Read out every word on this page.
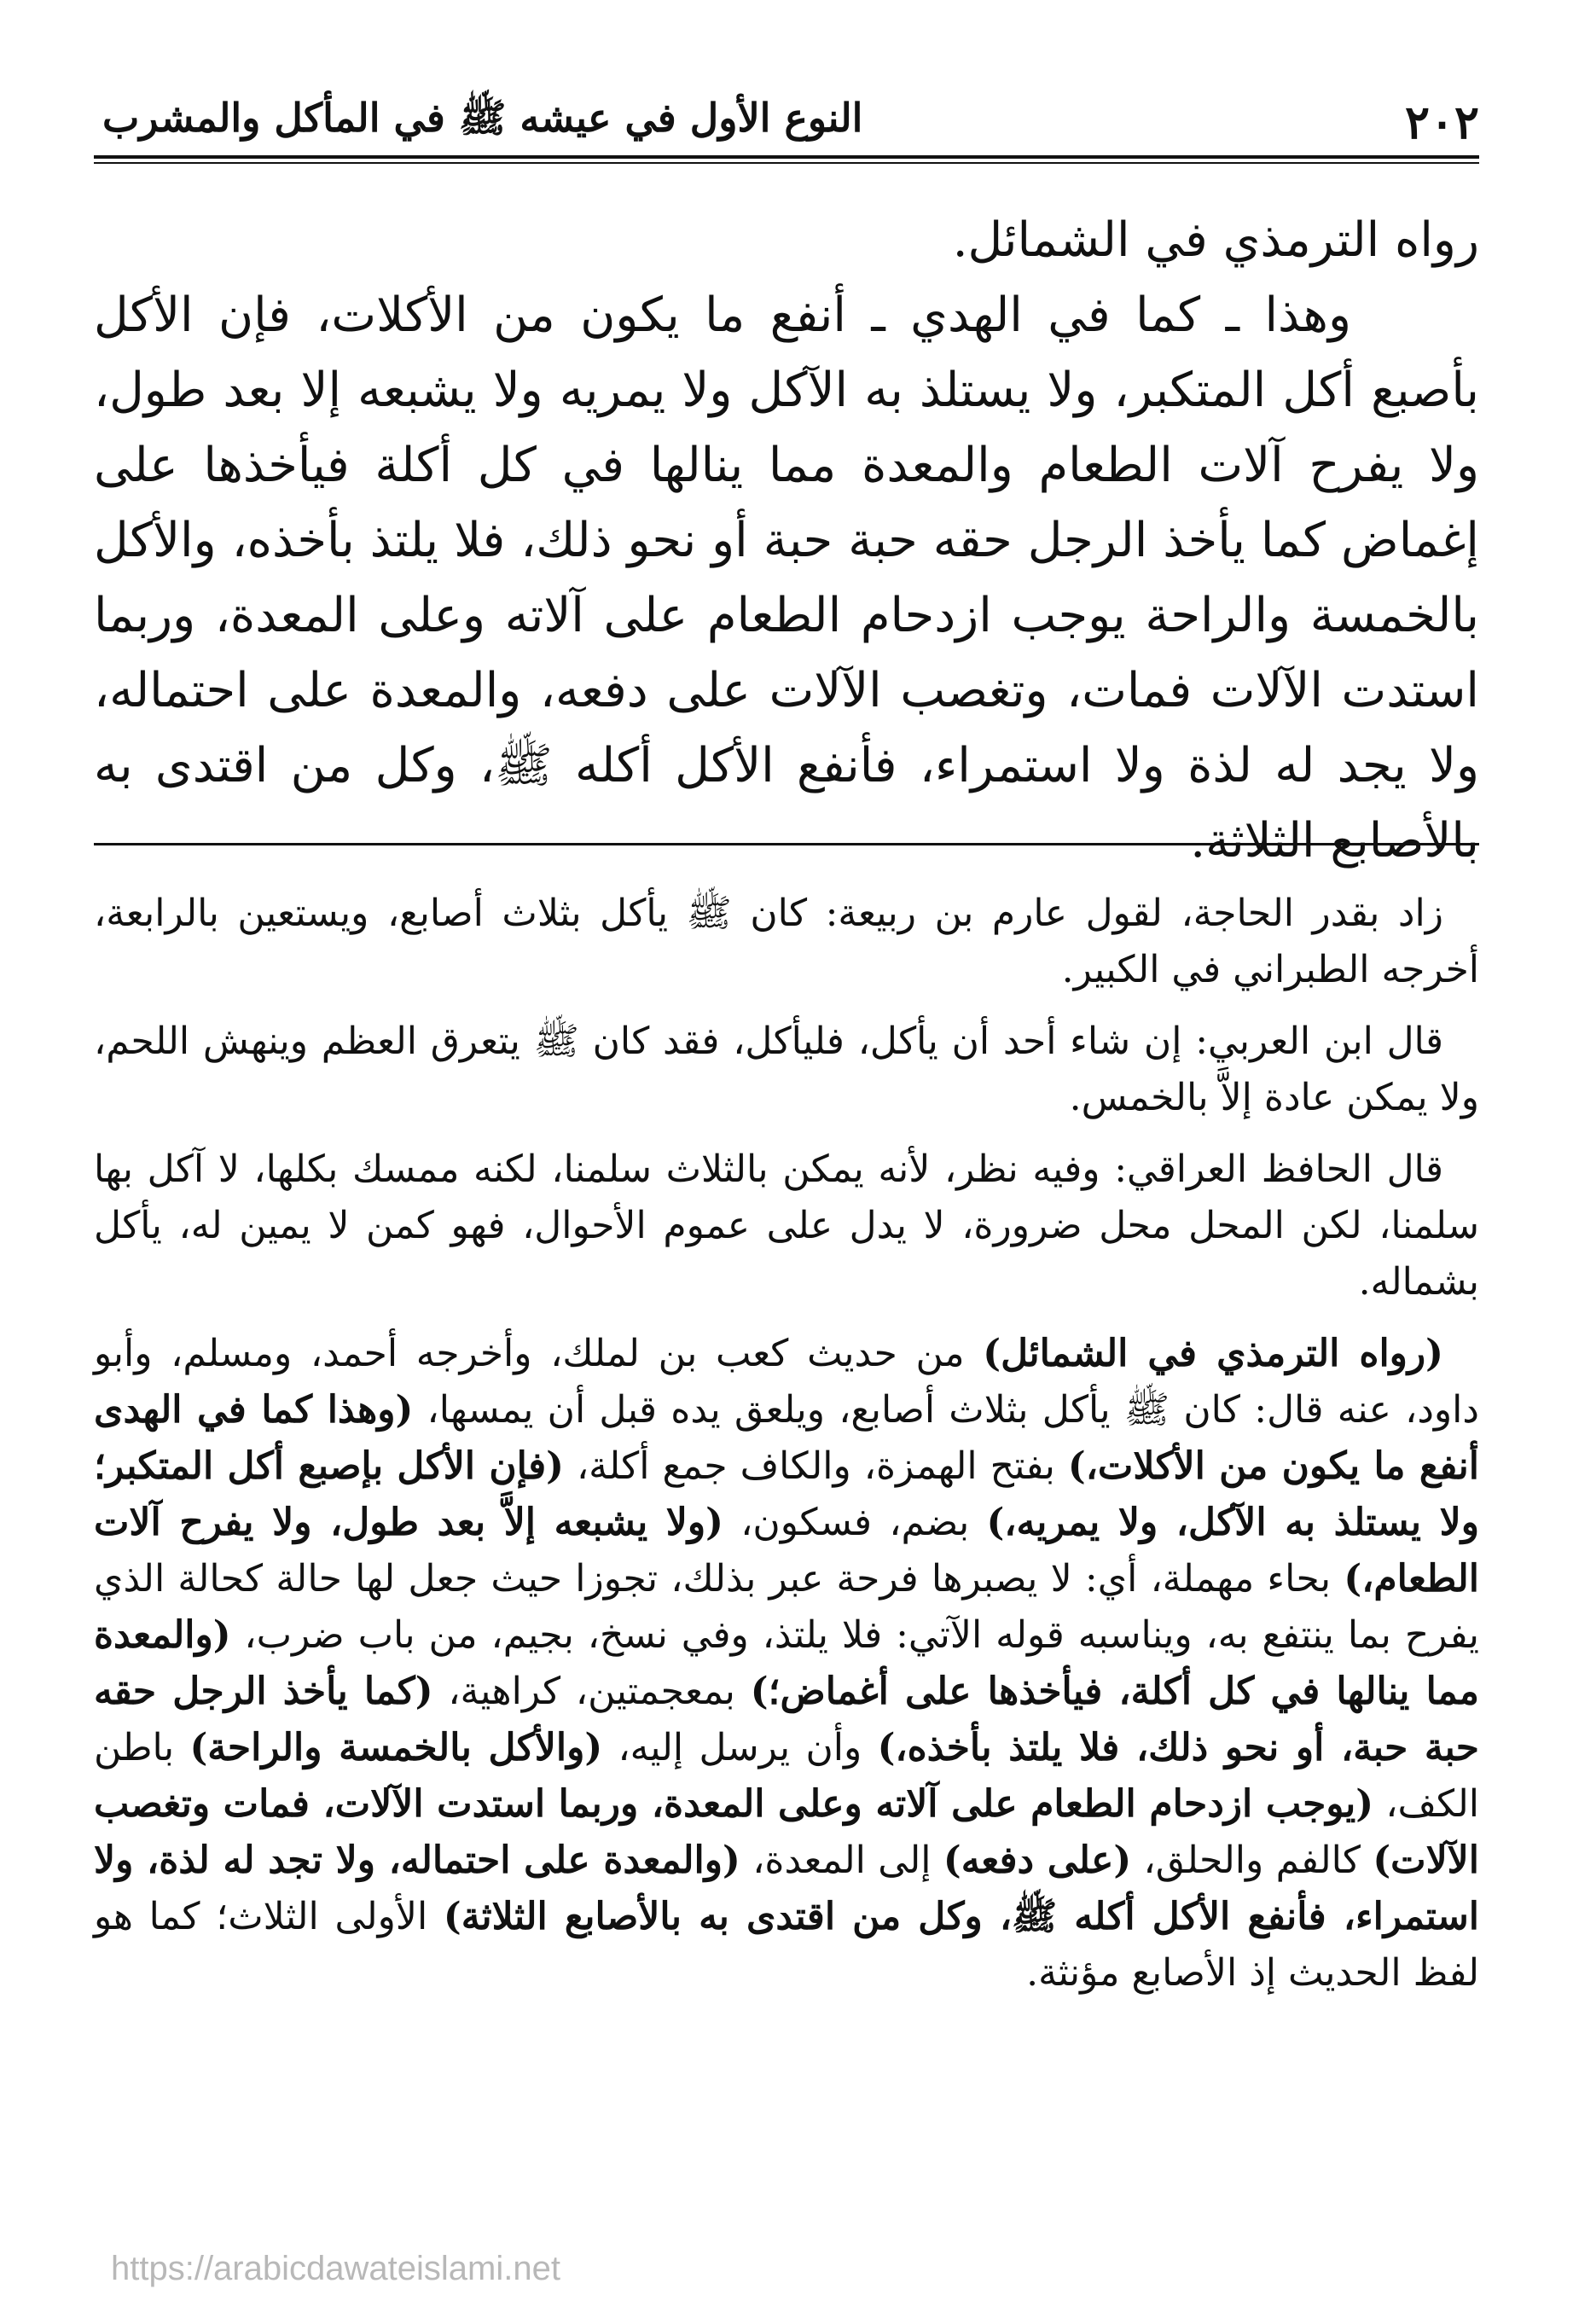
٢٠٢
النوع الأول في عيشه ﷺ في المأكل والمشرب

رواه الترمذي في الشمائل.

وهذا ـ كما في الهدي ـ أنفع ما يكون من الأكلات، فإن الأكل بأصبع أكل المتكبر، ولا يستلذ به الآكل ولا يمريه ولا يشبعه إلا بعد طول، ولا يفرح آلات الطعام والمعدة مما ينالها في كل أكلة فيأخذها على إغماض كما يأخذ الرجل حقه حبة حبة أو نحو ذلك، فلا يلتذ بأخذه، والأكل بالخمسة والراحة يوجب ازدحام الطعام على آلاته وعلى المعدة، وربما استدت الآلات فمات، وتغصب الآلات على دفعه، والمعدة على احتماله، ولا يجد له لذة ولا استمراء، فأنفع الأكل أكله ﷺ، وكل من اقتدى به بالأصابع الثلاثة.

زاد بقدر الحاجة، لقول عارم بن ربيعة: كان ﷺ يأكل بثلاث أصابع، ويستعين بالرابعة، أخرجه الطبراني في الكبير.

قال ابن العربي: إن شاء أحد أن يأكل، فليأكل، فقد كان ﷺ يتعرق العظم وينهش اللحم، ولا يمكن عادة إلاَّ بالخمس.

قال الحافظ العراقي: وفيه نظر، لأنه يمكن بالثلاث سلمنا، لكنه ممسك بكلها، لا آكل بها سلمنا، لكن المحل محل ضرورة، لا يدل على عموم الأحوال، فهو كمن لا يمين له، يأكل بشماله.

(رواه الترمذي في الشمائل) من حديث كعب بن لملك، وأخرجه أحمد، ومسلم، وأبو داود، عنه قال: كان ﷺ يأكل بثلاث أصابع، ويلعق يده قبل أن يمسها، (وهذا كما في الهدى أنفع ما يكون من الأكلات،) بفتح الهمزة، والكاف جمع أكلة، (فإن الأكل بإصبع أكل المتكبر؛ ولا يستلذ به الآكل، ولا يمريه،) بضم، فسكون، (ولا يشبعه إلاَّ بعد طول، ولا يفرح آلات الطعام،) بحاء مهملة، أي: لا يصبرها فرحة عبر بذلك، تجوزا حيث جعل لها حالة كحالة الذي يفرح بما ينتفع به، ويناسبه قوله الآتي: فلا يلتذ، وفي نسخ، بجيم، من باب ضرب، (والمعدة مما ينالها في كل أكلة، فيأخذها على أغماض؛) بمعجمتين، كراهية، (كما يأخذ الرجل حقه حبة حبة، أو نحو ذلك، فلا يلتذ بأخذه،) وأن يرسل إليه، (والأكل بالخمسة والراحة) باطن الكف، (يوجب ازدحام الطعام على آلاته وعلى المعدة، وربما استدت الآلات، فمات وتغصب الآلات) كالفم والحلق، (على دفعه) إلى المعدة، (والمعدة على احتماله، ولا تجد له لذة، ولا استمراء، فأنفع الأكل أكله ﷺ، وكل من اقتدى به بالأصابع الثلاثة) الأولى الثلاث؛ كما هو لفظ الحديث إذ الأصابع مؤنثة.

https://arabicdawateislami.net
